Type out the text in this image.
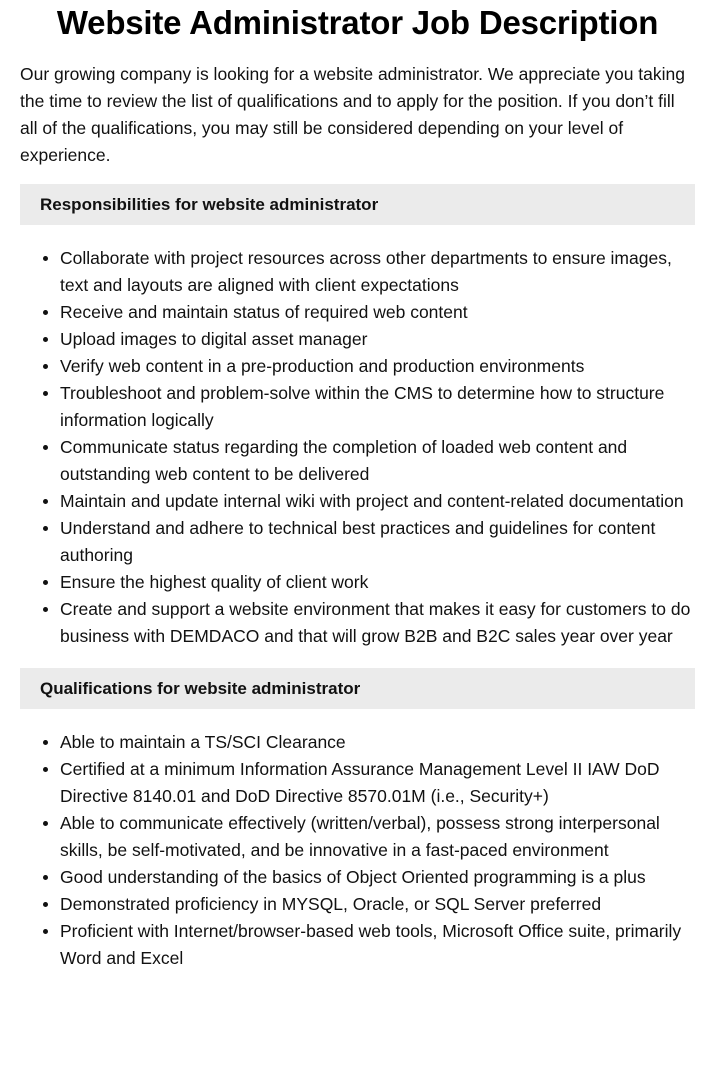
Website Administrator Job Description

Our growing company is looking for a website administrator. We appreciate you taking the time to review the list of qualifications and to apply for the position. If you don’t fill all of the qualifications, you may still be considered depending on your level of experience.

Responsibilities for website administrator
Collaborate with project resources across other departments to ensure images, text and layouts are aligned with client expectations
Receive and maintain status of required web content
Upload images to digital asset manager
Verify web content in a pre-production and production environments
Troubleshoot and problem-solve within the CMS to determine how to structure information logically
Communicate status regarding the completion of loaded web content and outstanding web content to be delivered
Maintain and update internal wiki with project and content-related documentation
Understand and adhere to technical best practices and guidelines for content authoring
Ensure the highest quality of client work
Create and support a website environment that makes it easy for customers to do business with DEMDACO and that will grow B2B and B2C sales year over year
Qualifications for website administrator
Able to maintain a TS/SCI Clearance
Certified at a minimum Information Assurance Management Level II IAW DoD Directive 8140.01 and DoD Directive 8570.01M (i.e., Security+)
Able to communicate effectively (written/verbal), possess strong interpersonal skills, be self-motivated, and be innovative in a fast-paced environment
Good understanding of the basics of Object Oriented programming is a plus
Demonstrated proficiency in MYSQL, Oracle, or SQL Server preferred
Proficient with Internet/browser-based web tools, Microsoft Office suite, primarily Word and Excel
